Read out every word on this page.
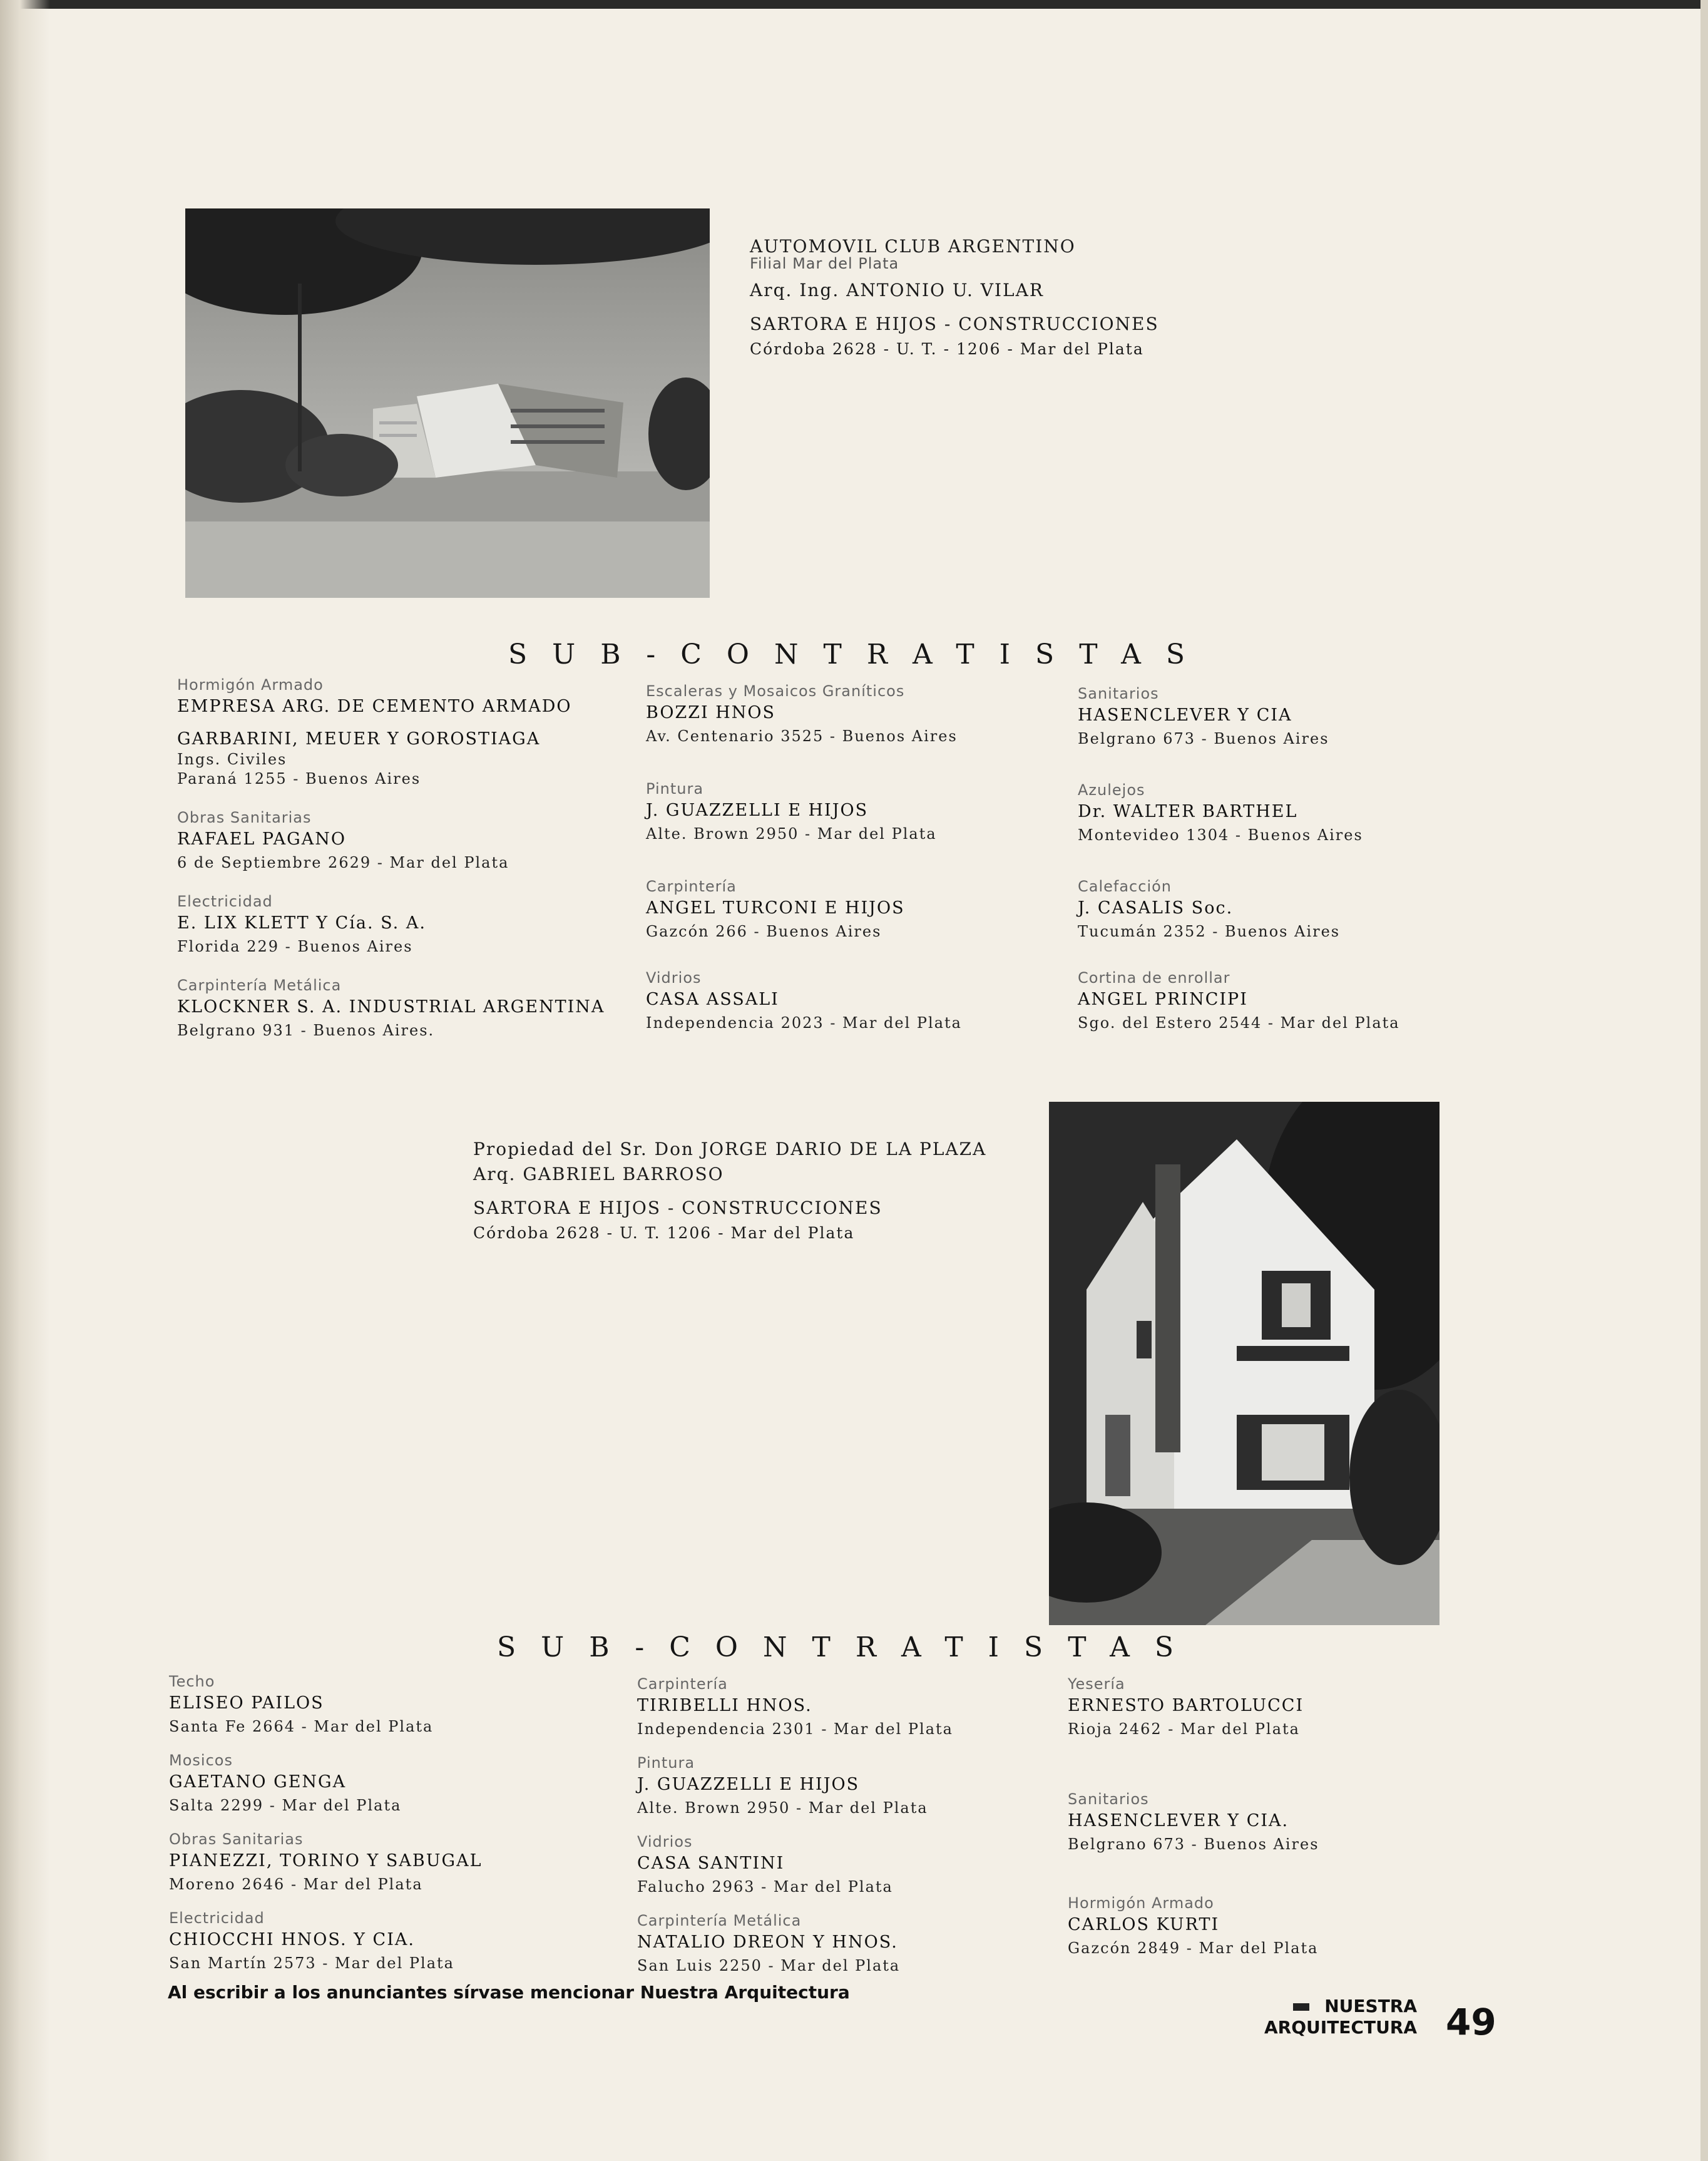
AUTOMOVIL CLUB ARGENTINO
Filial Mar del Plata
Arq. Ing. ANTONIO U. VILAR
SARTORA E HIJOS - CONSTRUCCIONES
Córdoba 2628 - U. T. - 1206 - Mar del Plata
SUB-CONTRATISTAS
Hormigón Armado
EMPRESA ARG. DE CEMENTO ARMADO
GARBARINI, MEUER Y GOROSTIAGA
Ings. Civiles
Paraná 1255 - Buenos Aires
Obras Sanitarias
RAFAEL PAGANO
6 de Septiembre 2629 - Mar del Plata
Electricidad
E. LIX KLETT Y Cía. S. A.
Florida 229 - Buenos Aires
Carpintería Metálica
KLOCKNER S. A. INDUSTRIAL ARGENTINA
Belgrano 931 - Buenos Aires.
Escaleras y Mosaicos Graníticos
BOZZI HNOS
Av. Centenario 3525 - Buenos Aires
Pintura
J. GUAZZELLI E HIJOS
Alte. Brown 2950 - Mar del Plata
Carpintería
ANGEL TURCONI E HIJOS
Gazcón 266 - Buenos Aires
Vidrios
CASA ASSALI
Independencia 2023 - Mar del Plata
Sanitarios
HASENCLEVER Y CIA
Belgrano 673 - Buenos Aires
Azulejos
Dr. WALTER BARTHEL
Montevideo 1304 - Buenos Aires
Calefacción
J. CASALIS Soc.
Tucumán 2352 - Buenos Aires
Cortina de enrollar
ANGEL PRINCIPI
Sgo. del Estero 2544 - Mar del Plata
Propiedad del Sr. Don JORGE DARIO DE LA PLAZA
Arq. GABRIEL BARROSO
SARTORA E HIJOS - CONSTRUCCIONES
Córdoba 2628 - U. T. 1206 - Mar del Plata
SUB-CONTRATISTAS
Techo
ELISEO PAILOS
Santa Fe 2664 - Mar del Plata
Mosicos
GAETANO GENGA
Salta 2299 - Mar del Plata
Obras Sanitarias
PIANEZZI, TORINO Y SABUGAL
Moreno 2646 - Mar del Plata
Electricidad
CHIOCCHI HNOS. Y CIA.
San Martín 2573 - Mar del Plata
Carpintería
TIRIBELLI HNOS.
Independencia 2301 - Mar del Plata
Pintura
J. GUAZZELLI E HIJOS
Alte. Brown 2950 - Mar del Plata
Vidrios
CASA SANTINI
Falucho 2963 - Mar del Plata
Carpintería Metálica
NATALIO DREON Y HNOS.
San Luis 2250 - Mar del Plata
Yesería
ERNESTO BARTOLUCCI
Rioja 2462 - Mar del Plata
Sanitarios
HASENCLEVER Y CIA.
Belgrano 673 - Buenos Aires
Hormigón Armado
CARLOS KURTI
Gazcón 2849 - Mar del Plata
Al escribir a los anunciantes sírvase mencionar Nuestra Arquitectura
NUESTRA
ARQUITECTURA 49
